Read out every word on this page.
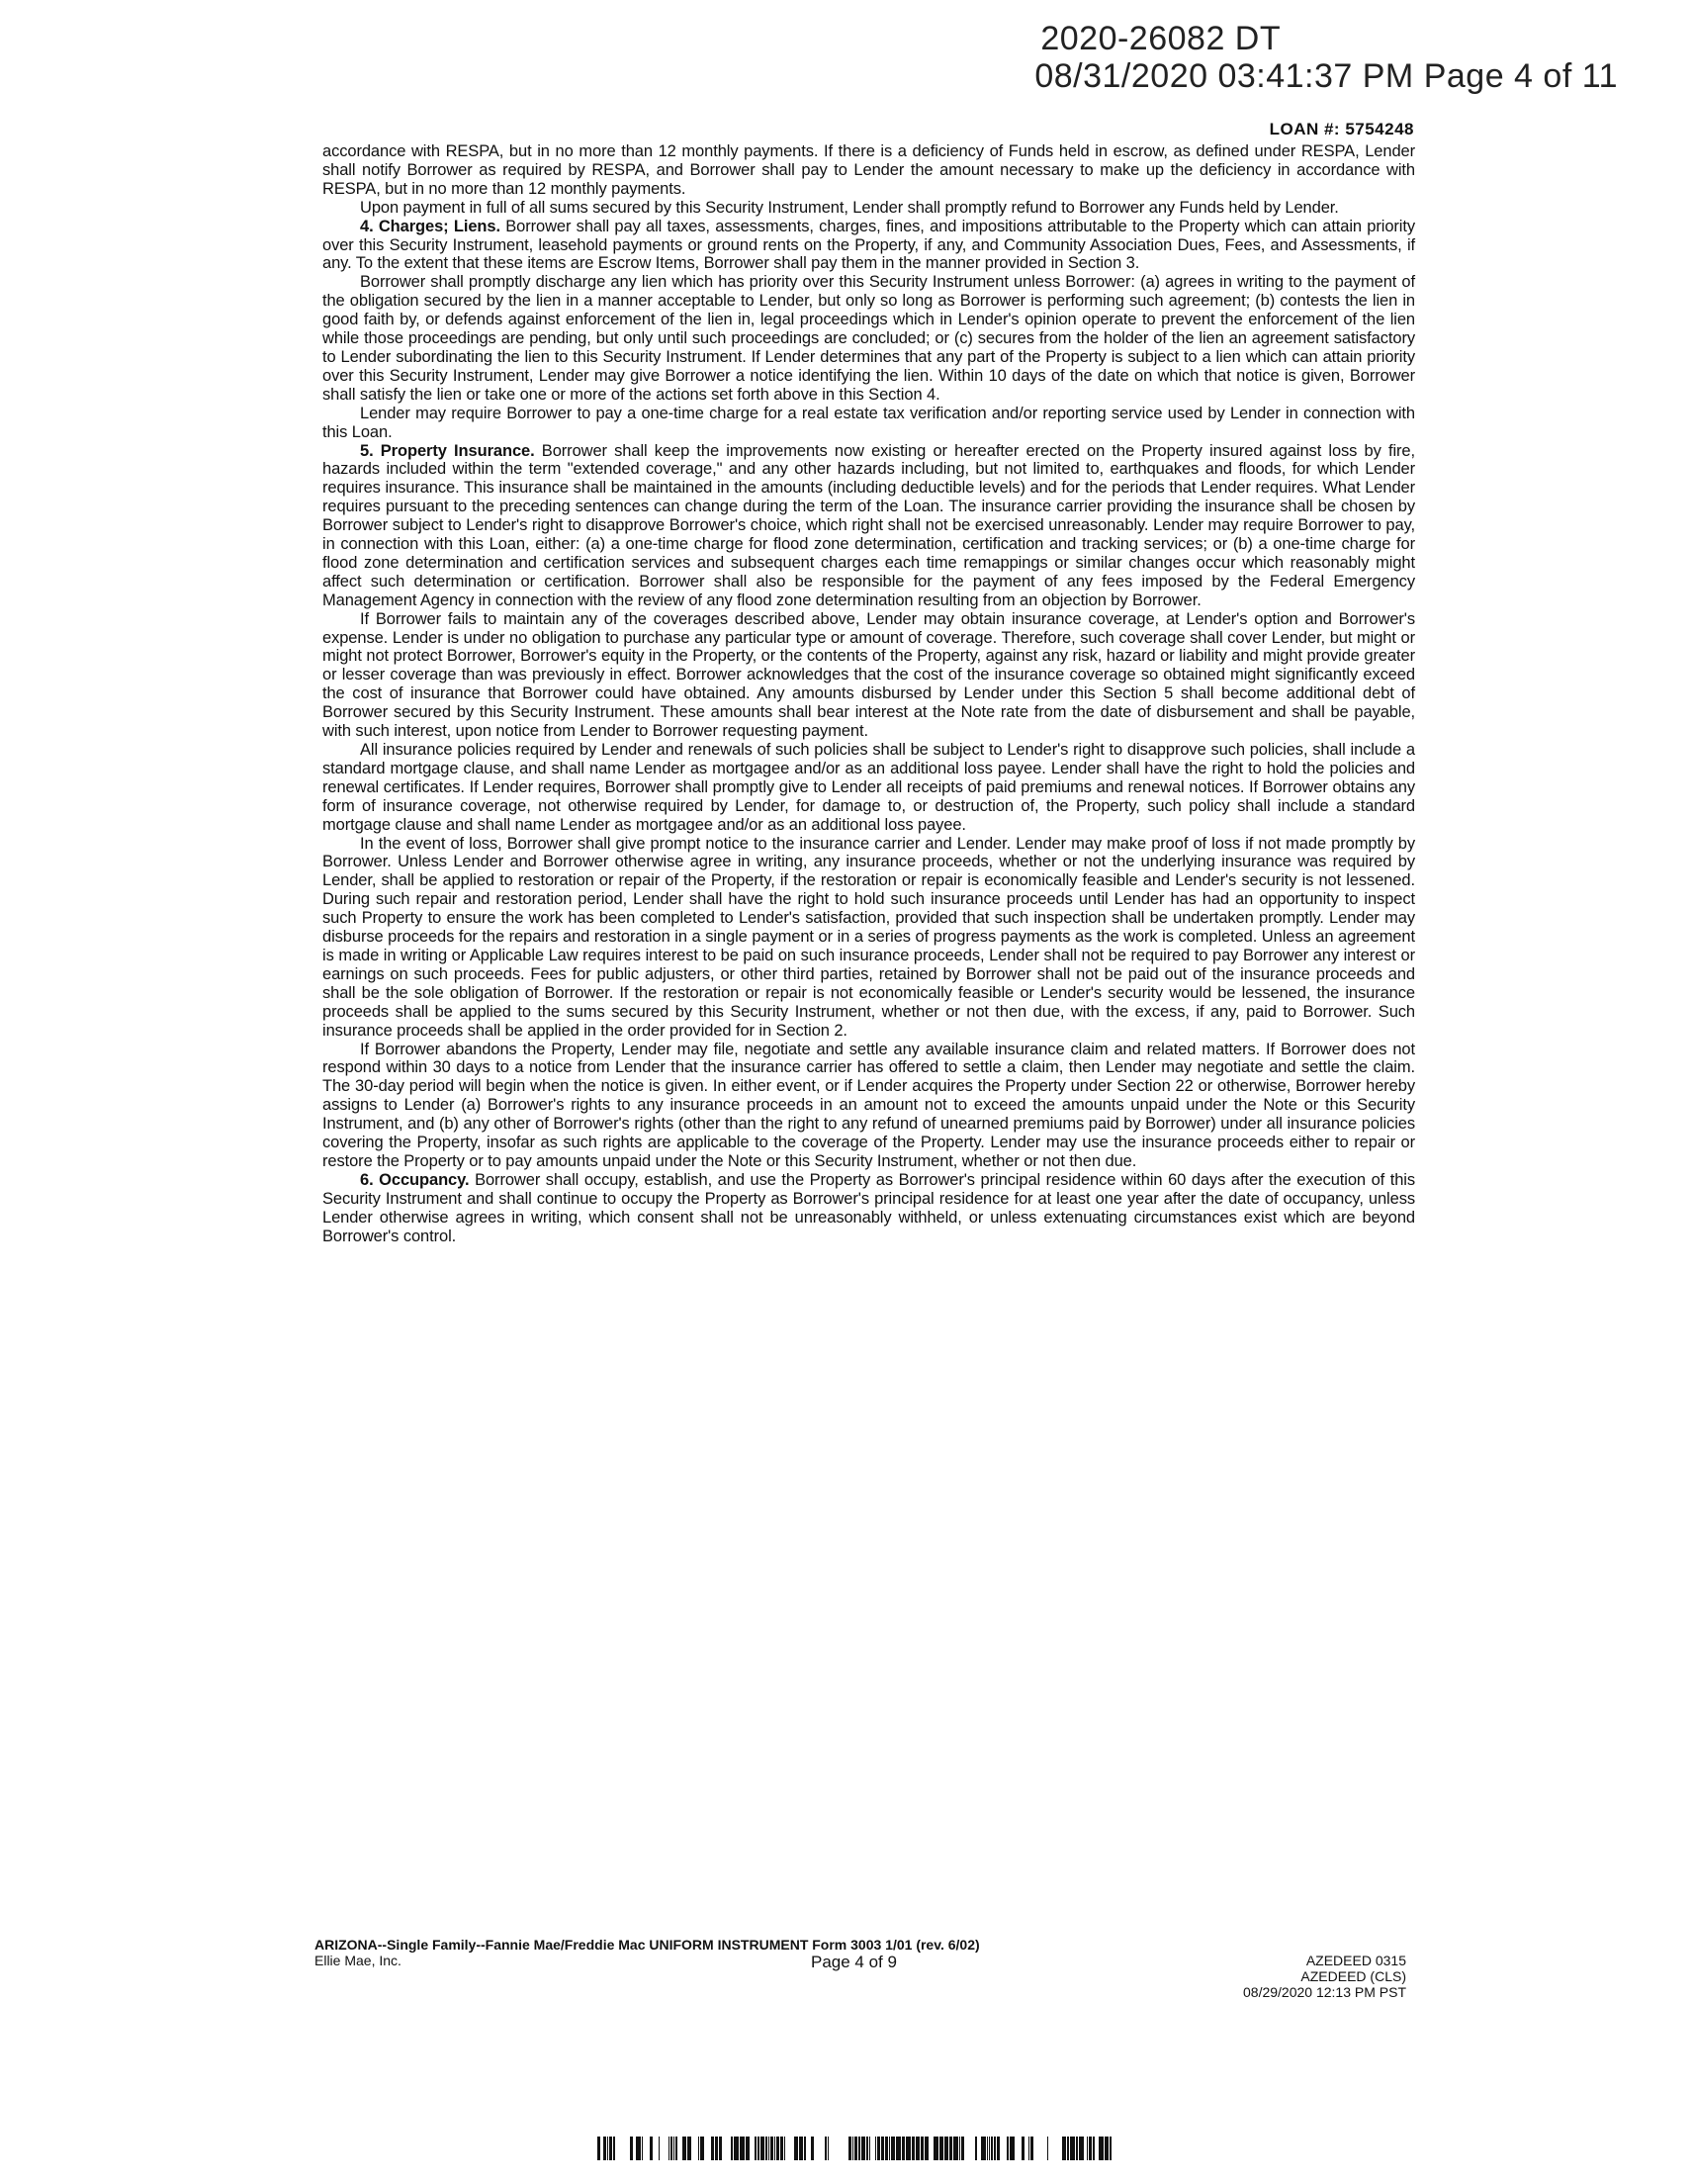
2020-26082 DT
08/31/2020 03:41:37 PM Page 4 of 11
LOAN #: 5754248

accordance with RESPA, but in no more than 12 monthly payments. If there is a deficiency of Funds held in escrow, as defined under RESPA, Lender shall notify Borrower as required by RESPA, and Borrower shall pay to Lender the amount necessary to make up the deficiency in accordance with RESPA, but in no more than 12 monthly payments.

Upon payment in full of all sums secured by this Security Instrument, Lender shall promptly refund to Borrower any Funds held by Lender.

4. Charges; Liens. Borrower shall pay all taxes, assessments, charges, fines, and impositions attributable to the Property which can attain priority over this Security Instrument, leasehold payments or ground rents on the Property, if any, and Community Association Dues, Fees, and Assessments, if any. To the extent that these items are Escrow Items, Borrower shall pay them in the manner provided in Section 3.

Borrower shall promptly discharge any lien which has priority over this Security Instrument unless Borrower: (a) agrees in writing to the payment of the obligation secured by the lien in a manner acceptable to Lender, but only so long as Borrower is performing such agreement; (b) contests the lien in good faith by, or defends against enforcement of the lien in, legal proceedings which in Lender's opinion operate to prevent the enforcement of the lien while those proceedings are pending, but only until such proceedings are concluded; or (c) secures from the holder of the lien an agreement satisfactory to Lender subordinating the lien to this Security Instrument. If Lender determines that any part of the Property is subject to a lien which can attain priority over this Security Instrument, Lender may give Borrower a notice identifying the lien. Within 10 days of the date on which that notice is given, Borrower shall satisfy the lien or take one or more of the actions set forth above in this Section 4.

Lender may require Borrower to pay a one-time charge for a real estate tax verification and/or reporting service used by Lender in connection with this Loan.

5. Property Insurance. Borrower shall keep the improvements now existing or hereafter erected on the Property insured against loss by fire, hazards included within the term "extended coverage," and any other hazards including, but not limited to, earthquakes and floods, for which Lender requires insurance. This insurance shall be maintained in the amounts (including deductible levels) and for the periods that Lender requires. What Lender requires pursuant to the preceding sentences can change during the term of the Loan. The insurance carrier providing the insurance shall be chosen by Borrower subject to Lender's right to disapprove Borrower's choice, which right shall not be exercised unreasonably. Lender may require Borrower to pay, in connection with this Loan, either: (a) a one-time charge for flood zone determination, certification and tracking services; or (b) a one-time charge for flood zone determination and certification services and subsequent charges each time remappings or similar changes occur which reasonably might affect such determination or certification. Borrower shall also be responsible for the payment of any fees imposed by the Federal Emergency Management Agency in connection with the review of any flood zone determination resulting from an objection by Borrower.

If Borrower fails to maintain any of the coverages described above, Lender may obtain insurance coverage, at Lender's option and Borrower's expense. Lender is under no obligation to purchase any particular type or amount of coverage. Therefore, such coverage shall cover Lender, but might or might not protect Borrower, Borrower's equity in the Property, or the contents of the Property, against any risk, hazard or liability and might provide greater or lesser coverage than was previously in effect. Borrower acknowledges that the cost of the insurance coverage so obtained might significantly exceed the cost of insurance that Borrower could have obtained. Any amounts disbursed by Lender under this Section 5 shall become additional debt of Borrower secured by this Security Instrument. These amounts shall bear interest at the Note rate from the date of disbursement and shall be payable, with such interest, upon notice from Lender to Borrower requesting payment.

All insurance policies required by Lender and renewals of such policies shall be subject to Lender's right to disapprove such policies, shall include a standard mortgage clause, and shall name Lender as mortgagee and/or as an additional loss payee. Lender shall have the right to hold the policies and renewal certificates. If Lender requires, Borrower shall promptly give to Lender all receipts of paid premiums and renewal notices. If Borrower obtains any form of insurance coverage, not otherwise required by Lender, for damage to, or destruction of, the Property, such policy shall include a standard mortgage clause and shall name Lender as mortgagee and/or as an additional loss payee.

In the event of loss, Borrower shall give prompt notice to the insurance carrier and Lender. Lender may make proof of loss if not made promptly by Borrower. Unless Lender and Borrower otherwise agree in writing, any insurance proceeds, whether or not the underlying insurance was required by Lender, shall be applied to restoration or repair of the Property, if the restoration or repair is economically feasible and Lender's security is not lessened. During such repair and restoration period, Lender shall have the right to hold such insurance proceeds until Lender has had an opportunity to inspect such Property to ensure the work has been completed to Lender's satisfaction, provided that such inspection shall be undertaken promptly. Lender may disburse proceeds for the repairs and restoration in a single payment or in a series of progress payments as the work is completed. Unless an agreement is made in writing or Applicable Law requires interest to be paid on such insurance proceeds, Lender shall not be required to pay Borrower any interest or earnings on such proceeds. Fees for public adjusters, or other third parties, retained by Borrower shall not be paid out of the insurance proceeds and shall be the sole obligation of Borrower. If the restoration or repair is not economically feasible or Lender's security would be lessened, the insurance proceeds shall be applied to the sums secured by this Security Instrument, whether or not then due, with the excess, if any, paid to Borrower. Such insurance proceeds shall be applied in the order provided for in Section 2.

If Borrower abandons the Property, Lender may file, negotiate and settle any available insurance claim and related matters. If Borrower does not respond within 30 days to a notice from Lender that the insurance carrier has offered to settle a claim, then Lender may negotiate and settle the claim. The 30-day period will begin when the notice is given. In either event, or if Lender acquires the Property under Section 22 or otherwise, Borrower hereby assigns to Lender (a) Borrower's rights to any insurance proceeds in an amount not to exceed the amounts unpaid under the Note or this Security Instrument, and (b) any other of Borrower's rights (other than the right to any refund of unearned premiums paid by Borrower) under all insurance policies covering the Property, insofar as such rights are applicable to the coverage of the Property. Lender may use the insurance proceeds either to repair or restore the Property or to pay amounts unpaid under the Note or this Security Instrument, whether or not then due.

6. Occupancy. Borrower shall occupy, establish, and use the Property as Borrower's principal residence within 60 days after the execution of this Security Instrument and shall continue to occupy the Property as Borrower's principal residence for at least one year after the date of occupancy, unless Lender otherwise agrees in writing, which consent shall not be unreasonably withheld, or unless extenuating circumstances exist which are beyond Borrower's control.

ARIZONA--Single Family--Fannie Mae/Freddie Mac UNIFORM INSTRUMENT Form 3003 1/01 (rev. 6/02)
Ellie Mae, Inc.	Page 4 of 9	AZEDEED 0315
AZEDEED (CLS)
08/29/2020 12:13 PM PST
